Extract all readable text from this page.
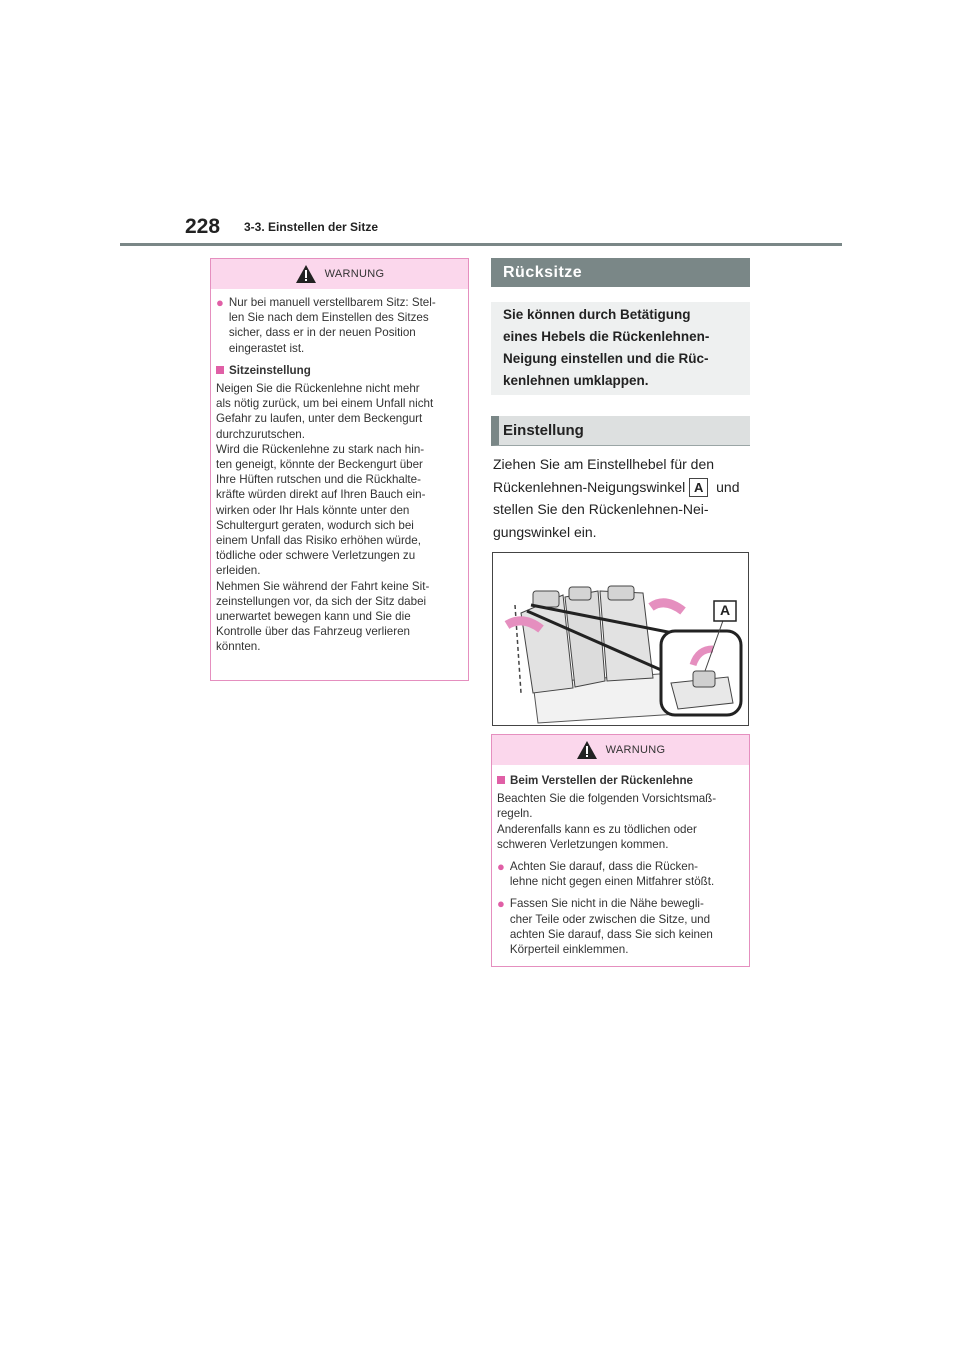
228 3-3. Einstellen der Sitze
WARNUNG
● Nur bei manuell verstellbarem Sitz: Stel-
len Sie nach dem Einstellen des Sitzes
sicher, dass er in der neuen Position
eingerastet ist.

Sitzeinstellung

Neigen Sie die Rückenlehne nicht mehr
als nötig zurück, um bei einem Unfall nicht
Gefahr zu laufen, unter dem Beckengurt
durchzurutschen.
Wird die Rückenlehne zu stark nach hin-
ten geneigt, könnte der Beckengurt über
Ihre Hüften rutschen und die Rückhalte-
kräfte würden direkt auf Ihren Bauch ein-
wirken oder Ihr Hals könnte unter den
Schultergurt geraten, wodurch sich bei
einem Unfall das Risiko erhöhen würde,
tödliche oder schwere Verletzungen zu
erleiden.
Nehmen Sie während der Fahrt keine Sit-
zeinstellungen vor, da sich der Sitz dabei
unerwartet bewegen kann und Sie die
Kontrolle über das Fahrzeug verlieren
könnten.

Rücksitze

Sie können durch Betätigung
eines Hebels die Rückenlehnen-
Neigung einstellen und die Rüc-
kenlehnen umklappen.

Einstellung
Ziehen Sie am Einstellhebel für den
Rückenlehnen-Neigungswinkel A und
stellen Sie den Rückenlehnen-Nei-
gungswinkel ein.
A
WARNUNG
Beim Verstellen der Rückenlehne

Beachten Sie die folgenden Vorsichtsmaß-
regeln.
Anderenfalls kann es zu tödlichen oder
schweren Verletzungen kommen.

● Achten Sie darauf, dass die Rücken-
lehne nicht gegen einen Mitfahrer stößt.

● Fassen Sie nicht in die Nähe bewegli-
cher Teile oder zwischen die Sitze, und
achten Sie darauf, dass Sie sich keinen
Körperteil einklemmen.
